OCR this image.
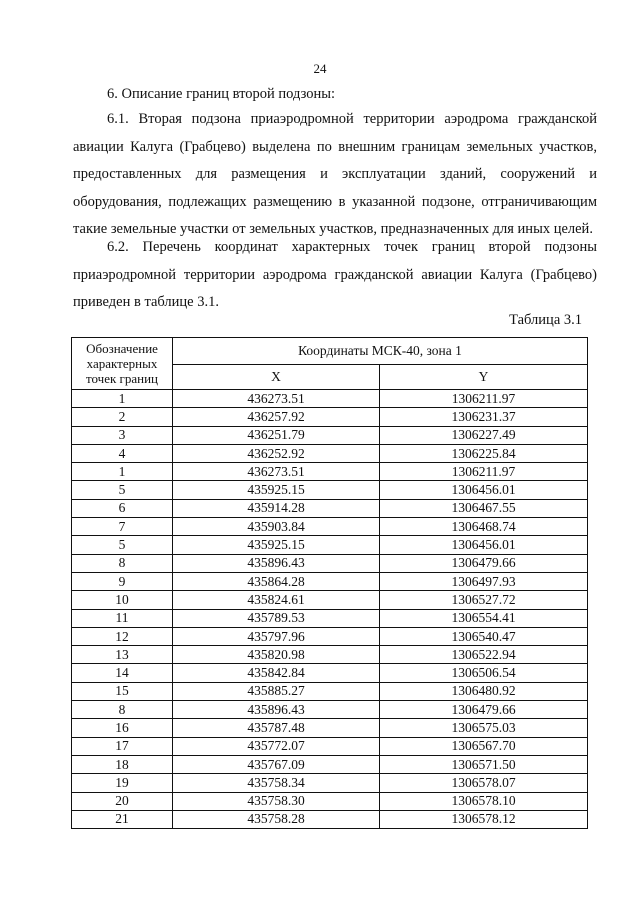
24
6. Описание границ второй подзоны:

6.1. Вторая подзона приаэродромной территории аэродрома гражданской авиации Калуга (Грабцево) выделена по внешним границам земельных участков, предоставленных для размещения и эксплуатации зданий, сооружений и оборудования, подлежащих размещению в указанной подзоне, отграничивающим такие земельные участки от земельных участков, предназначенных для иных целей.

6.2. Перечень координат характерных точек границ второй подзоны приаэродромной территории аэродрома гражданской авиации Калуга (Грабцево) приведен в таблице 3.1.

Таблица 3.1
Обозначение характерных точек границ	Координаты МСК-40, зона 1	
	X	Y
1	436273.51	1306211.97
2	436257.92	1306231.37
3	436251.79	1306227.49
4	436252.92	1306225.84
1	436273.51	1306211.97
5	435925.15	1306456.01
6	435914.28	1306467.55
7	435903.84	1306468.74
5	435925.15	1306456.01
8	435896.43	1306479.66
9	435864.28	1306497.93
10	435824.61	1306527.72
11	435789.53	1306554.41
12	435797.96	1306540.47
13	435820.98	1306522.94
14	435842.84	1306506.54
15	435885.27	1306480.92
8	435896.43	1306479.66
16	435787.48	1306575.03
17	435772.07	1306567.70
18	435767.09	1306571.50
19	435758.34	1306578.07
20	435758.30	1306578.10
21	435758.28	1306578.12
